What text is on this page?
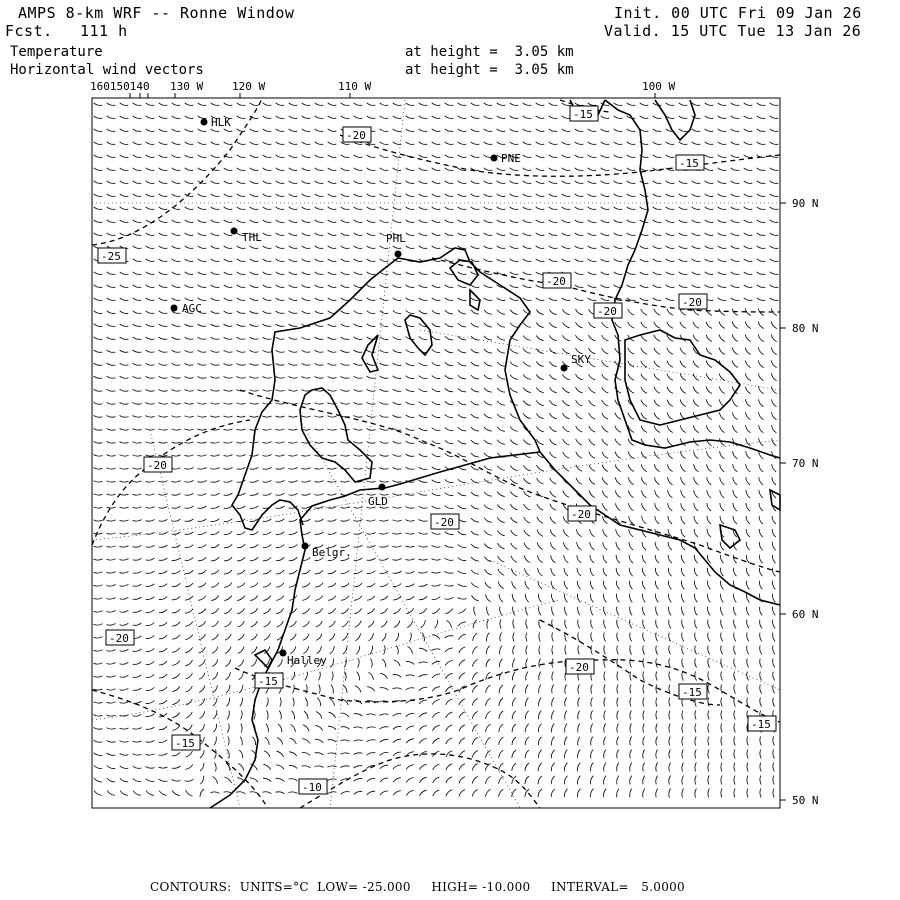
AMPS 8-km WRF -- Ronne Window
Fcst. 111 h
Init. 00 UTC Fri 09 Jan 26
Valid. 15 UTC Tue 13 Jan 26
Temperature
Horizontal wind vectors
at height =  3.05 km
at height =  3.05 km
160150140 130 W	120 W	110 W	100 W
90 N
80 N
70 N
60 N
50 N
HLK
PNE
THL	PHL
AGC
SKY
GLD
Belgr.
Halley
-15
-20
-15
-25
-20
-20
-20
-20
-20
-20
-20
-20
-15
-15
-15
-15
-10
CONTOURS:  UNITS=°C  LOW= -25.000     HIGH= -10.000     INTERVAL=   5.0000
